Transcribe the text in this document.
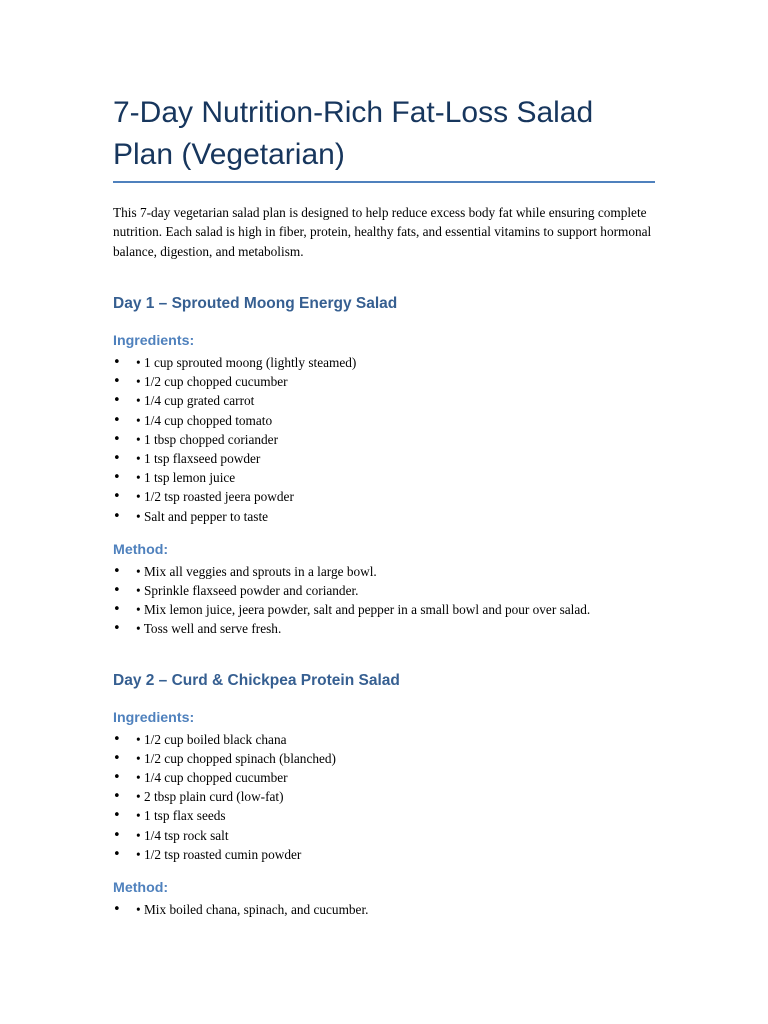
7-Day Nutrition-Rich Fat-Loss Salad Plan (Vegetarian)

This 7-day vegetarian salad plan is designed to help reduce excess body fat while ensuring complete nutrition. Each salad is high in fiber, protein, healthy fats, and essential vitamins to support hormonal balance, digestion, and metabolism.

Day 1 – Sprouted Moong Energy Salad
Ingredients:
• • 1 cup sprouted moong (lightly steamed)
• • 1/2 cup chopped cucumber
• • 1/4 cup grated carrot
• • 1/4 cup chopped tomato
• • 1 tbsp chopped coriander
• • 1 tsp flaxseed powder
• • 1 tsp lemon juice
• • 1/2 tsp roasted jeera powder
• • Salt and pepper to taste
Method:
• • Mix all veggies and sprouts in a large bowl.
• • Sprinkle flaxseed powder and coriander.
• • Mix lemon juice, jeera powder, salt and pepper in a small bowl and pour over salad.
• • Toss well and serve fresh.
Day 2 – Curd & Chickpea Protein Salad
Ingredients:
• • 1/2 cup boiled black chana
• • 1/2 cup chopped spinach (blanched)
• • 1/4 cup chopped cucumber
• • 2 tbsp plain curd (low-fat)
• • 1 tsp flax seeds
• • 1/4 tsp rock salt
• • 1/2 tsp roasted cumin powder
Method:
• • Mix boiled chana, spinach, and cucumber.
